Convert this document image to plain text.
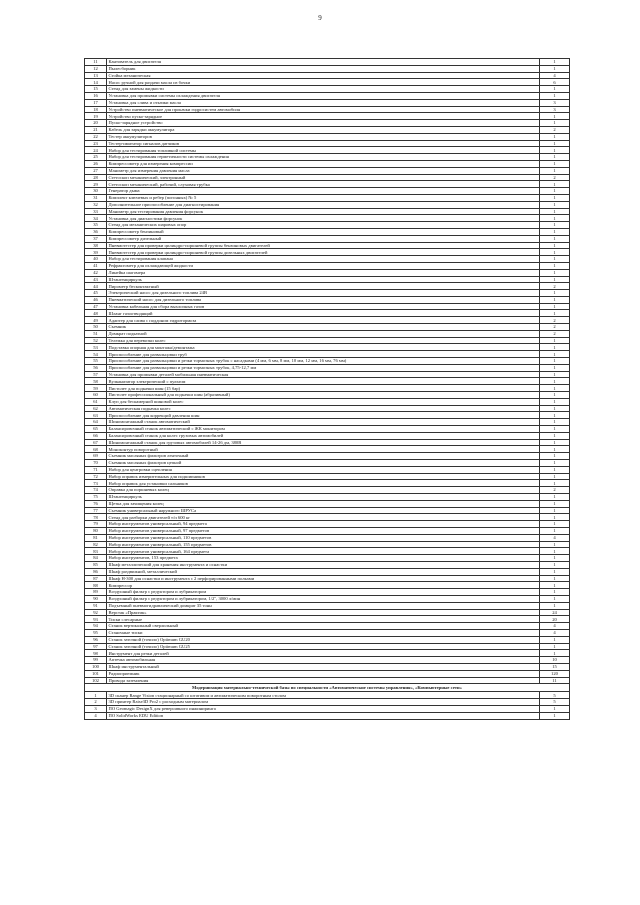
9
11	Кантователь для двигателя	1
12	Пылесборник	1
13	Стойка механическая	4
14	Насос ручной для раздачи масла из бочки	6
15	Стенд для замены жидкости	1
16	Установка для промывки системы охлаждения двигателя	1
17	Установка для слива и откачки масла	3
18	Устройство пневматическое для прокачки гидросистем автомобиля	3
19	Устройство пуско-зарядное	1
20	Пуско-зарядное устройство	1
21	Кабель для зарядки аккумулятора	2
22	Тестер аккумуляторов	1
23	Тестер-имитатор сигналов датчиков	1
24	Набор для тестирования топливной системы	1
25	Набор для тестирования герметичности системы охлаждения	1
26	Компрессометр для измерения компрессии	1
27	Манометр для измерения давления масла	1
28	Стетоскоп механический, электронный	2
29	Стетоскоп механический, рабочий, слуховая трубка	1
30	Генератор дыма	1
31	Комплект ключевых и ребер (погонных) № 5	1
32	Дополнительное приспособление для диагностирования	1
33	Манометр для тестирования давления форсунок	1
34	Установка для диагностики форсунок	1
35	Стенд для механических шаровых опор	1
36	Компрессометр бензиновый	1
37	Компрессометр дизельный	1
38	Пневмотестер для проверки цилиндро-поршневой группы бензиновых двигателей	1
39	Пневмотестер для проверки цилиндро-поршневой группы дизельных двигателей	1
40	Набор для тестирования клапана	1
41	Рефрактометр для охлаждающей жидкости	1
42	Линейка шагомера	1
43	Штангенциркуль	1
44	Пирометр бесконтактный	2
45	Электрический насос для дизельного топлива 24В	1
46	Пневматический насос для дизельного топлива	1
47	Установка кабельная для сбора выхлопных газов	1
48	Шланг газоотводящий	1
49	Адаптер для слива с поддоном гидротормоза	2
50	Съемник	2
51	Домкрат подкатной	2
52	Тележка для перевозки колес	1
53	Подставка опорная для монтажа/демонтажа	1
54	Приспособление для развальцовки труб	1
55	Приспособление для развальцовки и резки тормозных трубок с насадками (4 мм, 6 мм, 8 мм, 10 мм, 12 мм, 16 мм, 76 мм)	1
56	Приспособление для развальцовки и резки тормозных трубок, 4,75-12,7 мм	1
57	Установка для промывки деталей мобильная пневматическая	1
58	Вулканизатор электрический с пультом	1
59	Пистолет для подкачки шин (15 бар)	1
60	Пистолет профессиональный для подкачки шин (абразивный)	1
61	Клуп для бескамерной шиновой колес	1
62	Автоматическая подкачка колес	1
63	Приспособление для коррекций давления шин	1
64	Шиномонтажный станок автоматический	1
65	Балансировочный станок автоматический с ЖК монитором	1
66	Балансировочный станок для колес грузовых автомобилей	1
67	Шиномонтажный станок для грузовых автомобилей 14-26 дм, 380В	1
68	Моноконтур поворотный	1
69	Съемник масляных фильтров ленточный	1
70	Съемник масляных фильтров цепной	1
71	Набор для центровки сцепления	1
72	Набор оправок измерительных для подшипников	1
73	Набор оправок для установки сальников	1
74	Оправка для поршневых колец	2
75	Штангенциркуль	1
76	Щетка для зачищения колец	1
77	Съемник универсальный наружного ШРУСа	1
78	Стенд для разборки двигателей т/п 600 кг	1
79	Набор инструментов универсальный, 94 предмета	1
80	Набор инструментов универсальный, 97 предметов	1
81	Набор инструментов универсальный, 110 предметов	4
82	Набор инструментов универсальный, 155 предметов	1
83	Набор инструментов универсальный, 164 предмета	1
84	Набор инструментов, 153 предмета	1
85	Шкаф металлический для хранения инструмента и оснастки	1
86	Шкаф раздвижной, металлический	1
87	Шкаф Н-300 для оснастки и инструмента с 2 перфорированными полками	1
88	Компрессор	1
89	Воздушный фильтр с редуктором и лубрикатором	1
90	Воздушный фильтр с редуктором и лубрикатором, 1/2", 3000 л/мин	1
91	Подъемный пневмогидравлический домкрат 35 тонн	1
92	Верстак «Практик»	24
93	Тиски слесарные	20
94	Станок вертикальный сверлильный	4
95	Станочные тиски	4
96	Станок заточной (точило) Optimum GU20	1
97	Станок заточной (точило) Optimum GU25	1
98	Инструмент для резки деталей	1
99	Аптечка автомобильная	10
100	Шкаф инструментальный	15
101	Радиоприемник	120
102	Провода заземления	11
Модернизация материально-технической базы по специальности «Автоматические системы управления», «Компьютерные сети»		
1	3D сканер Range Vision стационарный со штативом и автоматическим поворотным столом	5
2	3D принтер Raise3D Pro2 с расходным материалом	5
3	ПО Geomagic DesignX для реверсивного инжиниринга	1
4	ПО SolidWorks EDU Edition	1
